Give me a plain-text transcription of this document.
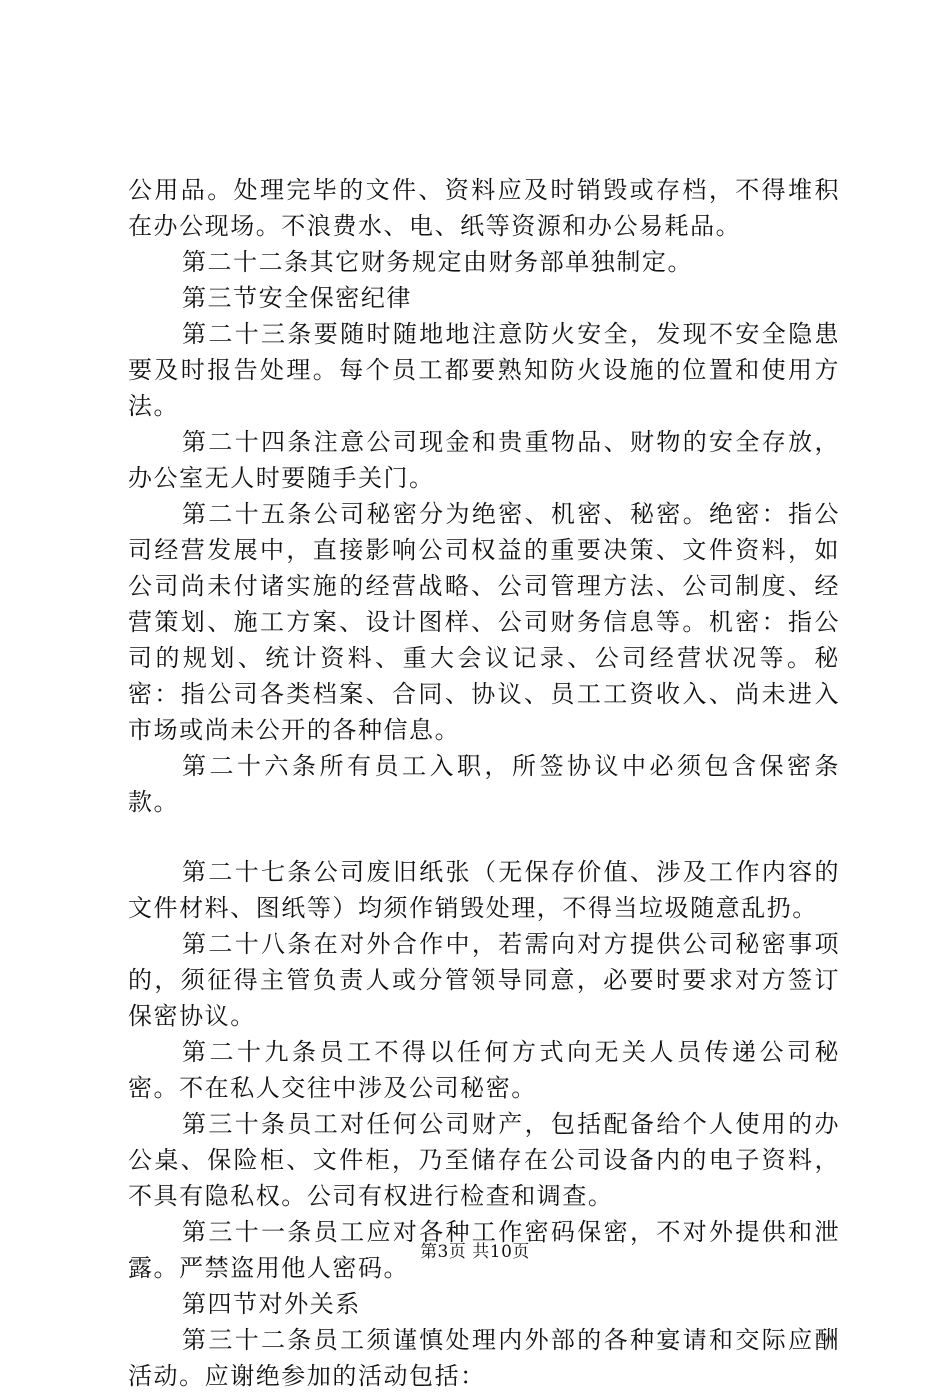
公用品。处理完毕的文件、资料应及时销毁或存档，不得堆积在办公现场。不浪费水、电、纸等资源和办公易耗品。

第二十二条其它财务规定由财务部单独制定。

第三节安全保密纪律

第二十三条要随时随地地注意防火安全，发现不安全隐患要及时报告处理。每个员工都要熟知防火设施的位置和使用方法。

第二十四条注意公司现金和贵重物品、财物的安全存放，办公室无人时要随手关门。

第二十五条公司秘密分为绝密、机密、秘密。绝密：指公司经营发展中，直接影响公司权益的重要决策、文件资料，如公司尚未付诸实施的经营战略、公司管理方法、公司制度、经营策划、施工方案、设计图样、公司财务信息等。机密：指公司的规划、统计资料、重大会议记录、公司经营状况等。秘密：指公司各类档案、合同、协议、员工工资收入、尚未进入市场或尚未公开的各种信息。

第二十六条所有员工入职，所签协议中必须包含保密条款。

第二十七条公司废旧纸张（无保存价值、涉及工作内容的文件材料、图纸等）均须作销毁处理，不得当垃圾随意乱扔。

第二十八条在对外合作中，若需向对方提供公司秘密事项的，须征得主管负责人或分管领导同意，必要时要求对方签订保密协议。

第二十九条员工不得以任何方式向无关人员传递公司秘密。不在私人交往中涉及公司秘密。

第三十条员工对任何公司财产，包括配备给个人使用的办公桌、保险柜、文件柜，乃至储存在公司设备内的电子资料，不具有隐私权。公司有权进行检查和调查。

第三十一条员工应对各种工作密码保密，不对外提供和泄露。严禁盗用他人密码。

第四节对外关系

第三十二条员工须谨慎处理内外部的各种宴请和交际应酬活动。应谢绝参加的活动包括：

第3页 共10页
